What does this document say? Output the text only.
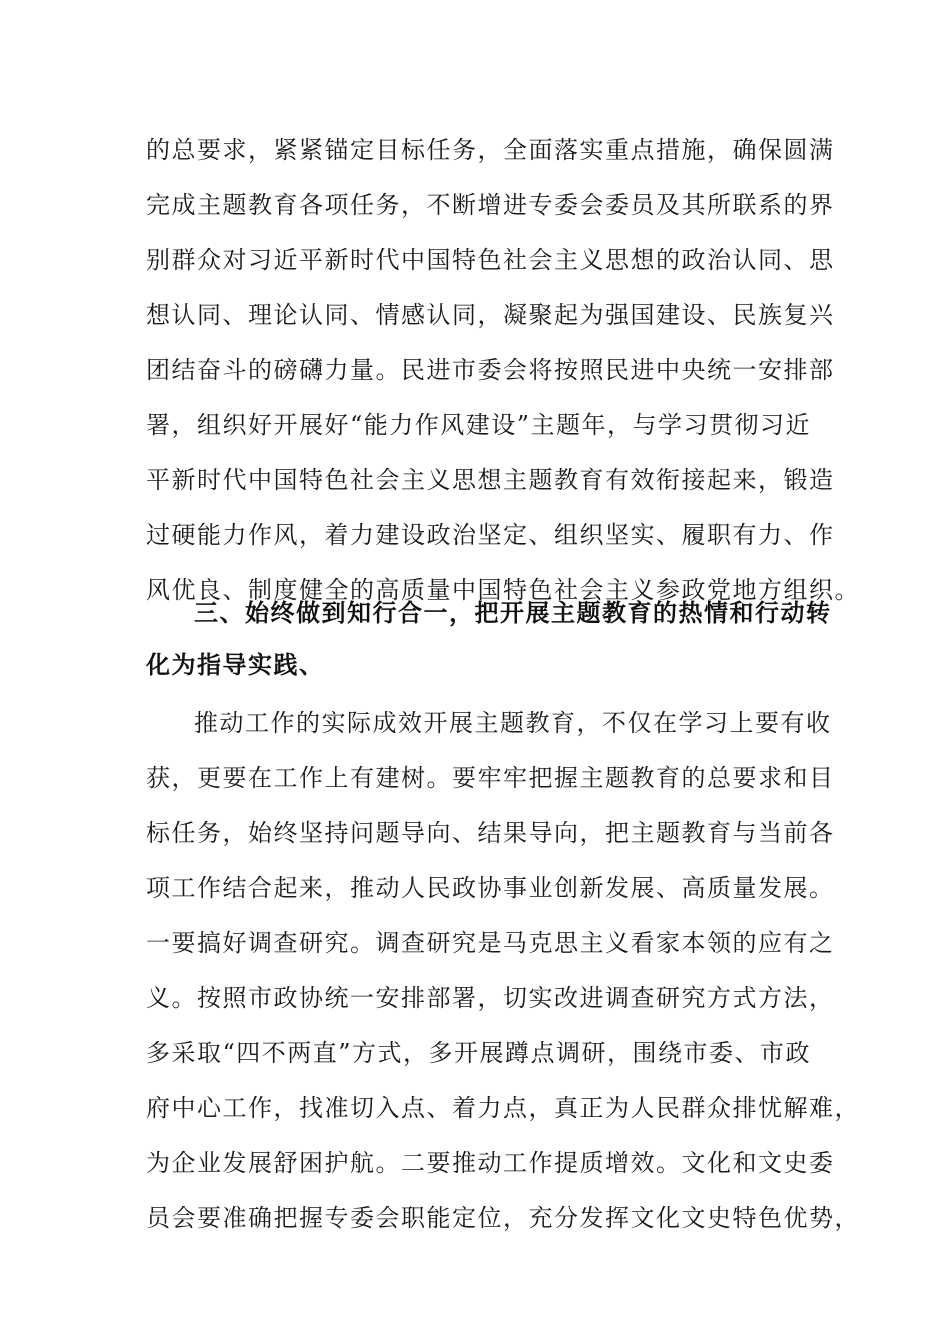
的总要求，紧紧锚定目标任务，全面落实重点措施，确保圆满
完成主题教育各项任务，不断增进专委会委员及其所联系的界
别群众对习近平新时代中国特色社会主义思想的政治认同、思
想认同、理论认同、情感认同，凝聚起为强国建设、民族复兴
团结奋斗的磅礴力量。民进市委会将按照民进中央统一安排部
署，组织好开展好“能力作风建设”主题年，与学习贯彻习近
平新时代中国特色社会主义思想主题教育有效衔接起来，锻造
过硬能力作风，着力建设政治坚定、组织坚实、履职有力、作
风优良、制度健全的高质量中国特色社会主义参政党地方组织。
三、始终做到知行合一，把开展主题教育的热情和行动转
化为指导实践、
推动工作的实际成效开展主题教育，不仅在学习上要有收
获，更要在工作上有建树。要牢牢把握主题教育的总要求和目
标任务，始终坚持问题导向、结果导向，把主题教育与当前各
项工作结合起来，推动人民政协事业创新发展、高质量发展。
一要搞好调查研究。调查研究是马克思主义看家本领的应有之
义。按照市政协统一安排部署，切实改进调查研究方式方法，
多采取“四不两直”方式，多开展蹲点调研，围绕市委、市政
府中心工作，找准切入点、着力点，真正为人民群众排忧解难，
为企业发展舒困护航。二要推动工作提质增效。文化和文史委
员会要准确把握专委会职能定位，充分发挥文化文史特色优势，
